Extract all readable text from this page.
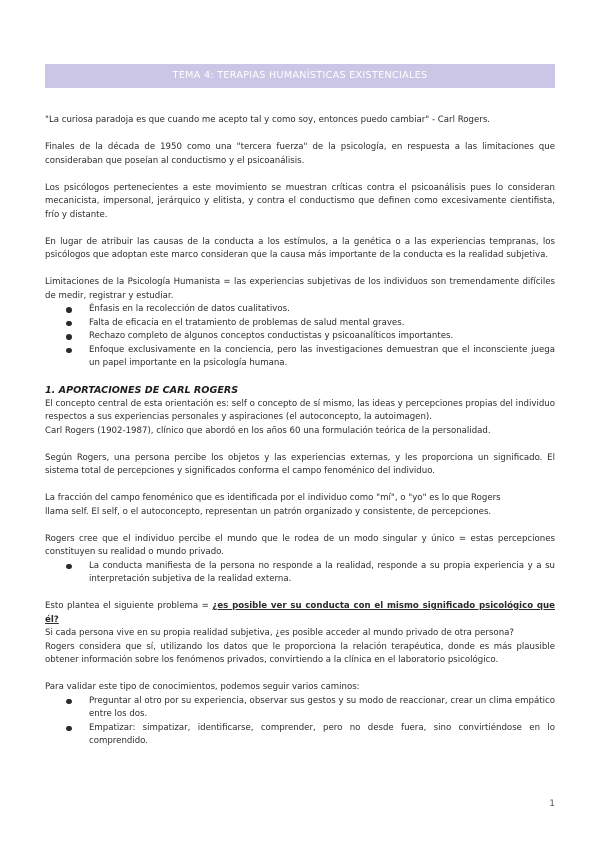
TEMA 4: TERAPIAS HUMANÍSTICAS EXISTENCIALES

"La curiosa paradoja es que cuando me acepto tal y como soy, entonces puedo cambiar" - Carl Rogers.

Finales de la década de 1950 como una "tercera fuerza" de la psicología, en respuesta a las limitaciones que consideraban que poseían al conductismo y el psicoanálisis.

Los psicólogos pertenecientes a este movimiento se muestran críticas contra el psicoanálisis pues lo consideran mecanicista, impersonal, jerárquico y elitista, y contra el conductismo que definen como excesivamente cientifista, frío y distante.

En lugar de atribuir las causas de la conducta a los estímulos, a la genética o a las experiencias tempranas, los psicólogos que adoptan este marco consideran que la causa más importante de la conducta es la realidad subjetiva.

Limitaciones de la Psicología Humanista = las experiencias subjetivas de los individuos son tremendamente difíciles de medir, registrar y estudiar.

Énfasis en la recolección de datos cualitativos.
Falta de eficacia en el tratamiento de problemas de salud mental graves.
Rechazo completo de algunos conceptos conductistas y psicoanalíticos importantes.
Enfoque exclusivamente en la conciencia, pero las investigaciones demuestran que el inconsciente juega un papel importante en la psicología humana.

1. APORTACIONES DE CARL ROGERS

El concepto central de esta orientación es: self o concepto de sí mismo, las ideas y percepciones propias del individuo respectos a sus experiencias personales y aspiraciones (el autoconcepto, la autoimagen).

Carl Rogers (1902-1987), clínico que abordó en los años 60 una formulación teórica de la personalidad.

Según Rogers, una persona percibe los objetos y las experiencias externas, y les proporciona un significado. El sistema total de percepciones y significados conforma el campo fenoménico del individuo.

La fracción del campo fenoménico que es identificada por el individuo como "mí", o "yo" es lo que Rogers
llama self. El self, o el autoconcepto, representan un patrón organizado y consistente, de percepciones.

Rogers cree que el individuo percibe el mundo que le rodea de un modo singular y único = estas percepciones constituyen su realidad o mundo privado.

La conducta manifiesta de la persona no responde a la realidad, responde a su propia experiencia y a su interpretación subjetiva de la realidad externa.

Esto plantea el siguiente problema = ¿es posible ver su conducta con el mismo significado psicológico que él?

Si cada persona vive en su propia realidad subjetiva, ¿es posible acceder al mundo privado de otra persona?

Rogers considera que sí, utilizando los datos que le proporciona la relación terapéutica, donde es más plausible obtener información sobre los fenómenos privados, convirtiendo a la clínica en el laboratorio psicológico.

Para validar este tipo de conocimientos, podemos seguir varios caminos:

Preguntar al otro por su experiencia, observar sus gestos y su modo de reaccionar, crear un clima empático entre los dos.
Empatizar: simpatizar, identificarse, comprender, pero no desde fuera, sino convirtiéndose en lo comprendido.
1
